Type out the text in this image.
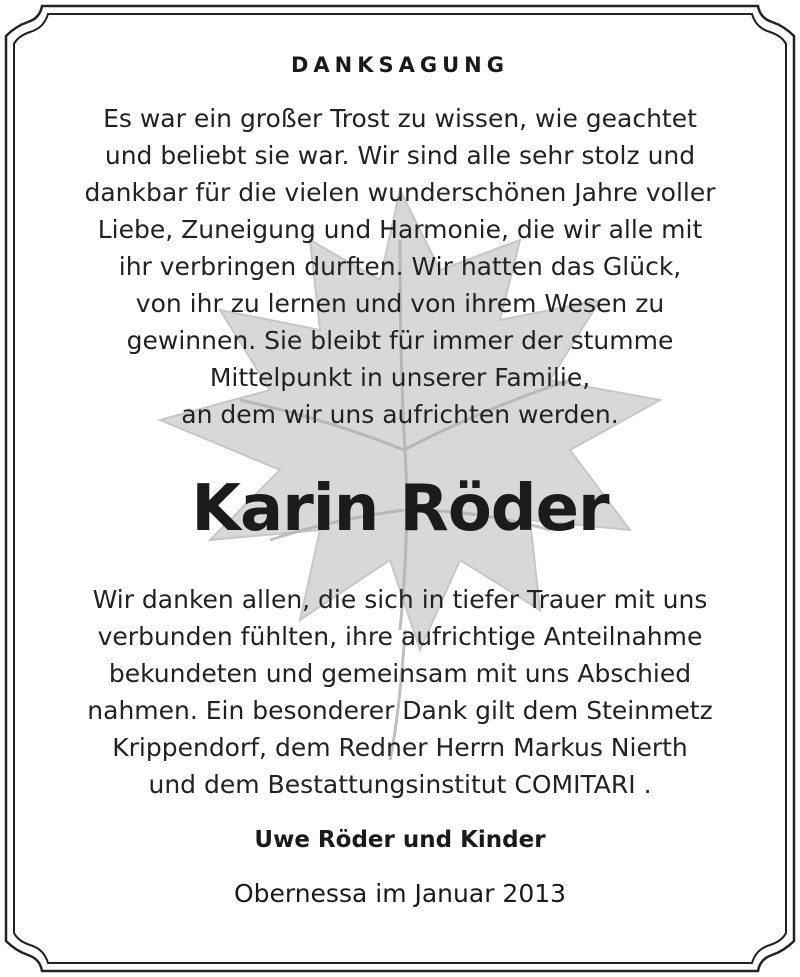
DANKSAGUNG

Es war ein großer Trost zu wissen, wie geachtet
und beliebt sie war. Wir sind alle sehr stolz und
dankbar für die vielen wunderschönen Jahre voller
Liebe, Zuneigung und Harmonie, die wir alle mit
ihr verbringen durften. Wir hatten das Glück,
von ihr zu lernen und von ihrem Wesen zu
gewinnen. Sie bleibt für immer der stumme
Mittelpunkt in unserer Familie,
an dem wir uns aufrichten werden.

Karin Röder

Wir danken allen, die sich in tiefer Trauer mit uns
verbunden fühlten, ihre aufrichtige Anteilnahme
bekundeten und gemeinsam mit uns Abschied
nahmen. Ein besonderer Dank gilt dem Steinmetz
Krippendorf, dem Redner Herrn Markus Nierth
und dem Bestattungsinstitut COMITARI .

Uwe Röder und Kinder
Obernessa im Januar 2013
